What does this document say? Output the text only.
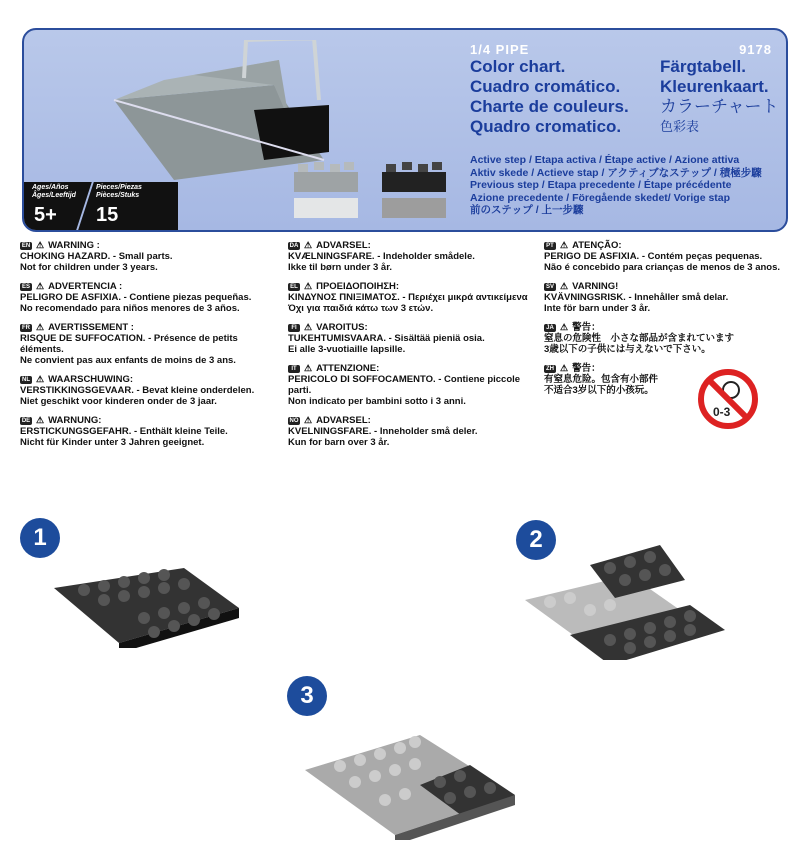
Ages/Años
Âges/Leeftijd
Pieces/Piezas
Pièces/Stuks
5+ 15
1/4 PIPE
Color chart.
Cuadro cromático.
Charte de couleurs.
Quadro cromatico.
9178
Färgtabell.
Kleurenkaart.
カラーチャート
色彩表
Active step / Etapa activa / Étape active / Azione attiva
Aktiv skede / Actieve stap / アクティブなステップ / 積極步驟
Previous step / Etapa precedente / Étape précédente
Azione precedente / Föregående skedet/ Vorige stap
前のステップ / 上一步驟
EN ⚠ WARNING :
CHOKING HAZARD. - Small parts.
Not for children under 3 years.
ES ⚠ ADVERTENCIA :
PELIGRO DE ASFIXIA. - Contiene piezas pequeñas.
No recomendado para niños menores de 3 años.
FR ⚠ AVERTISSEMENT :
RISQUE DE SUFFOCATION. - Présence de petits éléments.
Ne convient pas aux enfants de moins de 3 ans.
NL ⚠ WAARSCHUWING:
VERSTIKKINGSGEVAAR. - Bevat kleine onderdelen.
Niet geschikt voor kinderen onder de 3 jaar.
DE ⚠ WARNUNG:
ERSTICKUNGSGEFAHR. - Enthält kleine Teile.
Nicht für Kinder unter 3 Jahren geeignet.
DA ⚠ ADVARSEL:
KVÆLNINGSFARE. - Indeholder smådele.
Ikke til børn under 3 år.
EL ⚠ ΠΡΟΕΙΔΟΠΟΙΗΣΗ:
ΚΙΝΔΥΝΟΣ ΠΝΙΞΙΜΑΤΟΣ. - Περιέχει μικρά αντικείμενα
Όχι για παιδιά κάτω των 3 ετών.
FI ⚠ VAROITUS:
TUKEHTUMISVAARA. - Sisältää pieniä osia.
Ei alle 3-vuotiaille lapsille.
IT ⚠ ATTENZIONE:
PERICOLO DI SOFFOCAMENTO. - Contiene piccole parti.
Non indicato per bambini sotto i 3 anni.
NO ⚠ ADVARSEL:
KVELNINGSFARE. - Inneholder små deler.
Kun for barn over 3 år.
PT ⚠ ATENÇÃO:
PERIGO DE ASFIXIA. - Contém peças pequenas.
Não é concebido para crianças de menos de 3 anos.
SV ⚠ VARNING!
KVÄVNINGSRISK. - Innehåller små delar.
Inte för barn under 3 år.
JA ⚠ 警告：
窒息の危険性　小さな部品が含まれています
3歳以下の子供には与えないで下さい。
ZH ⚠ 警告：
有窒息危险。包含有小部件
不适合3岁以下的小孩玩。
0-3
1	2
3
